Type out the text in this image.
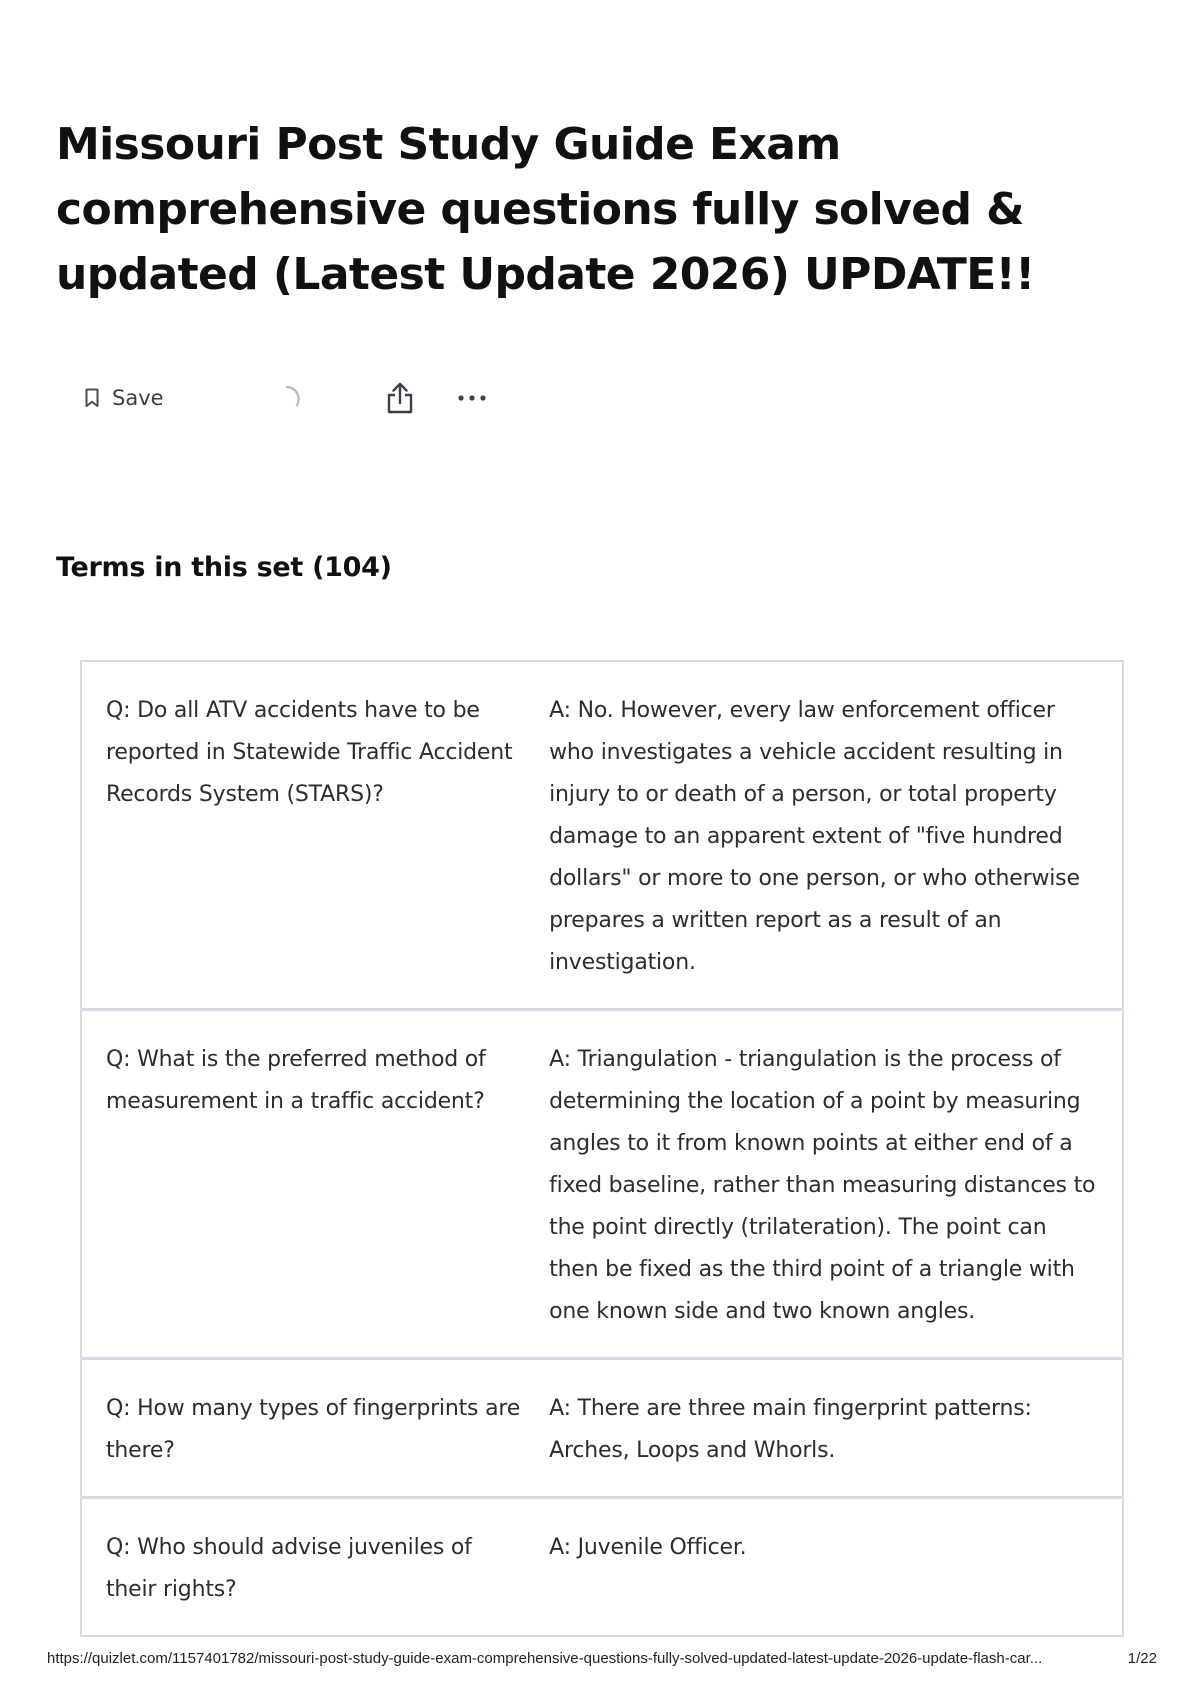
Missouri Post Study Guide Exam comprehensive questions fully solved & updated (Latest Update 2026) UPDATE!!
Save
Terms in this set (104)
Q: Do all ATV accidents have to be reported in Statewide Traffic Accident Records System (STARS)?
A: No. However, every law enforcement officer who investigates a vehicle accident resulting in injury to or death of a person, or total property damage to an apparent extent of "five hundred dollars" or more to one person, or who otherwise prepares a written report as a result of an investigation.
Q: What is the preferred method of measurement in a traffic accident?
A: Triangulation - triangulation is the process of determining the location of a point by measuring angles to it from known points at either end of a fixed baseline, rather than measuring distances to the point directly (trilateration). The point can then be fixed as the third point of a triangle with one known side and two known angles.
Q: How many types of fingerprints are there?
A: There are three main fingerprint patterns: Arches, Loops and Whorls.
Q: Who should advise juveniles of their rights?
A: Juvenile Officer.
https://quizlet.com/1157401782/missouri-post-study-guide-exam-comprehensive-questions-fully-solved-updated-latest-update-2026-update-flash-car...	1/22
